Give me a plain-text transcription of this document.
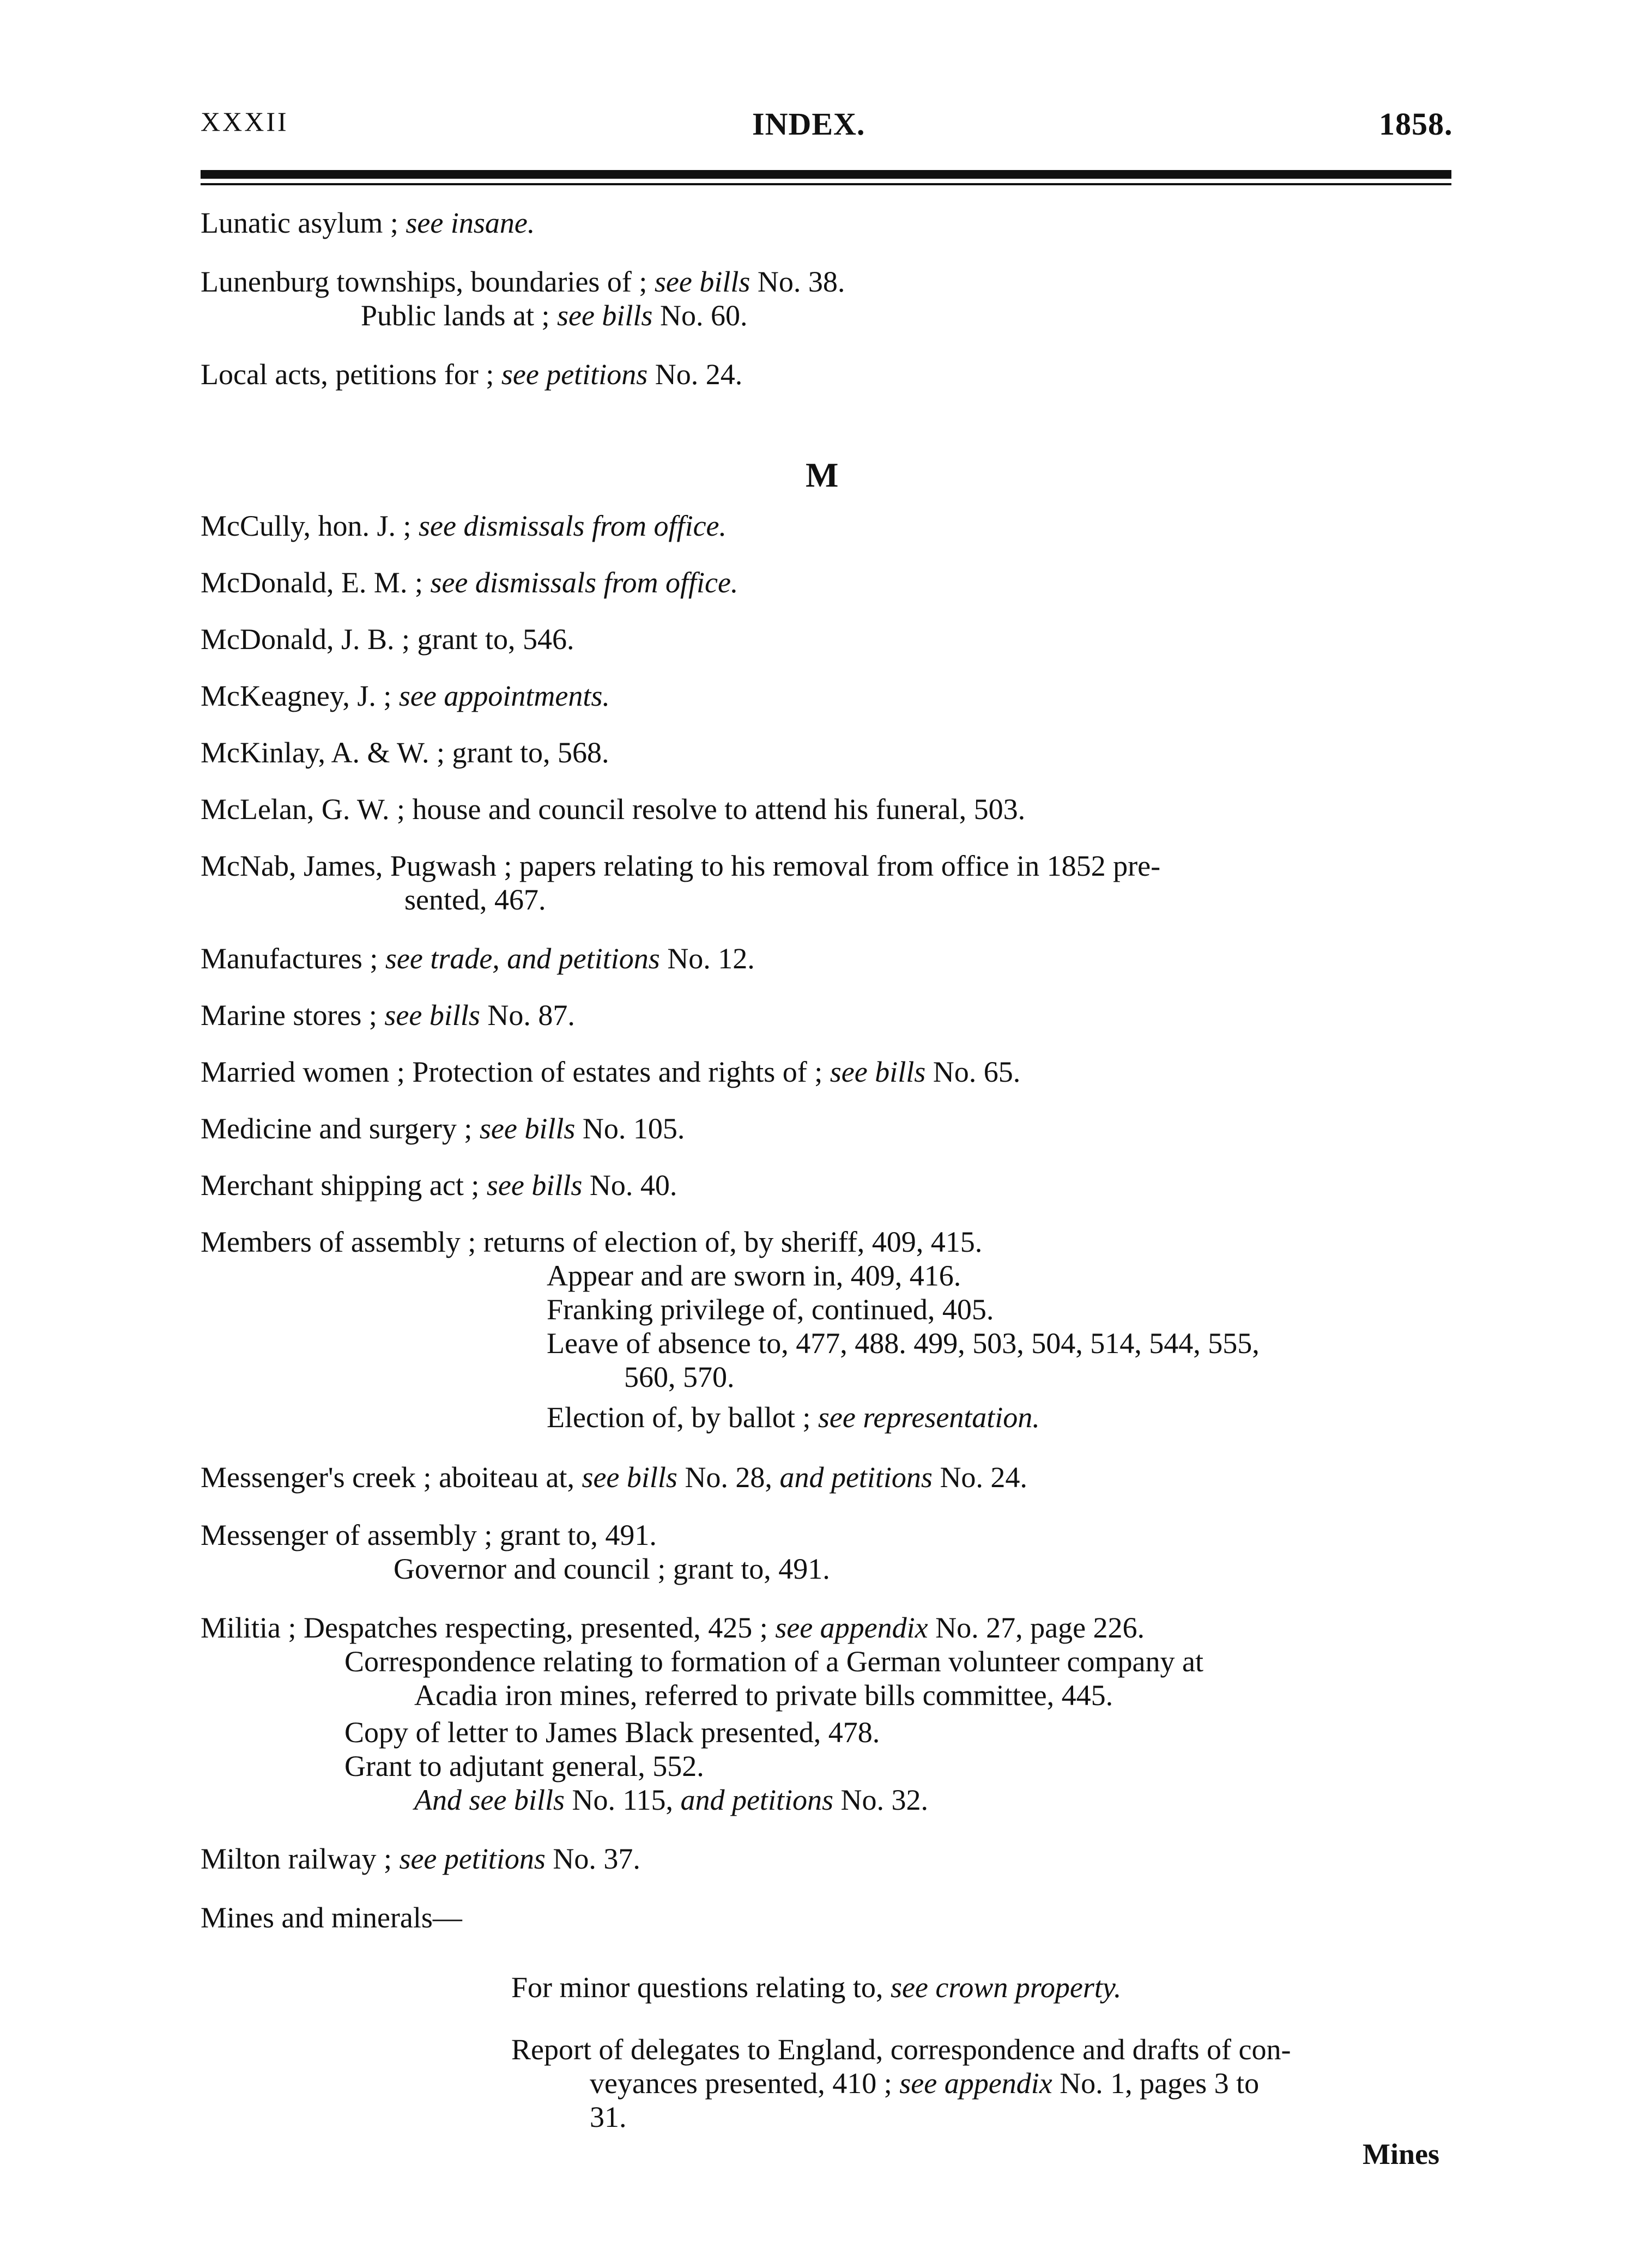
XXXII	INDEX.	1858.
M
Lunatic asylum ; see insane.
Lunenburg townships, boundaries of ; see bills No. 38.
Public lands at ; see bills No. 60.
Local acts, petitions for ; see petitions No. 24.
McCully, hon. J. ; see dismissals from office.
McDonald, E. M. ; see dismissals from office.
McDonald, J. B. ; grant to, 546.
McKeagney, J. ; see appointments.
McKinlay, A. & W. ; grant to, 568.
McLelan, G. W. ; house and council resolve to attend his funeral, 503.
McNab, James, Pugwash ; papers relating to his removal from office in 1852 pre-
sented, 467.
Manufactures ; see trade, and petitions No. 12.
Marine stores ; see bills No. 87.
Married women ; Protection of estates and rights of ; see bills No. 65.
Medicine and surgery ; see bills No. 105.
Merchant shipping act ; see bills No. 40.
Members of assembly ; returns of election of, by sheriff, 409, 415.
Appear and are sworn in, 409, 416.
Franking privilege of, continued, 405.
Leave of absence to, 477, 488. 499, 503, 504, 514, 544, 555,
560, 570.
Election of, by ballot ; see representation.
Messenger's creek ; aboiteau at, see bills No. 28, and petitions No. 24.
Messenger of assembly ; grant to, 491.
Governor and council ; grant to, 491.
Militia ; Despatches respecting, presented, 425 ; see appendix No. 27, page 226.
Correspondence relating to formation of a German volunteer company at
Acadia iron mines, referred to private bills committee, 445.
Copy of letter to James Black presented, 478.
Grant to adjutant general, 552.
And see bills No. 115, and petitions No. 32.
Milton railway ; see petitions No. 37.
Mines and minerals—
For minor questions relating to, see crown property.
Report of delegates to England, correspondence and drafts of con-
veyances presented, 410 ; see appendix No. 1, pages 3 to
31.
Mines
